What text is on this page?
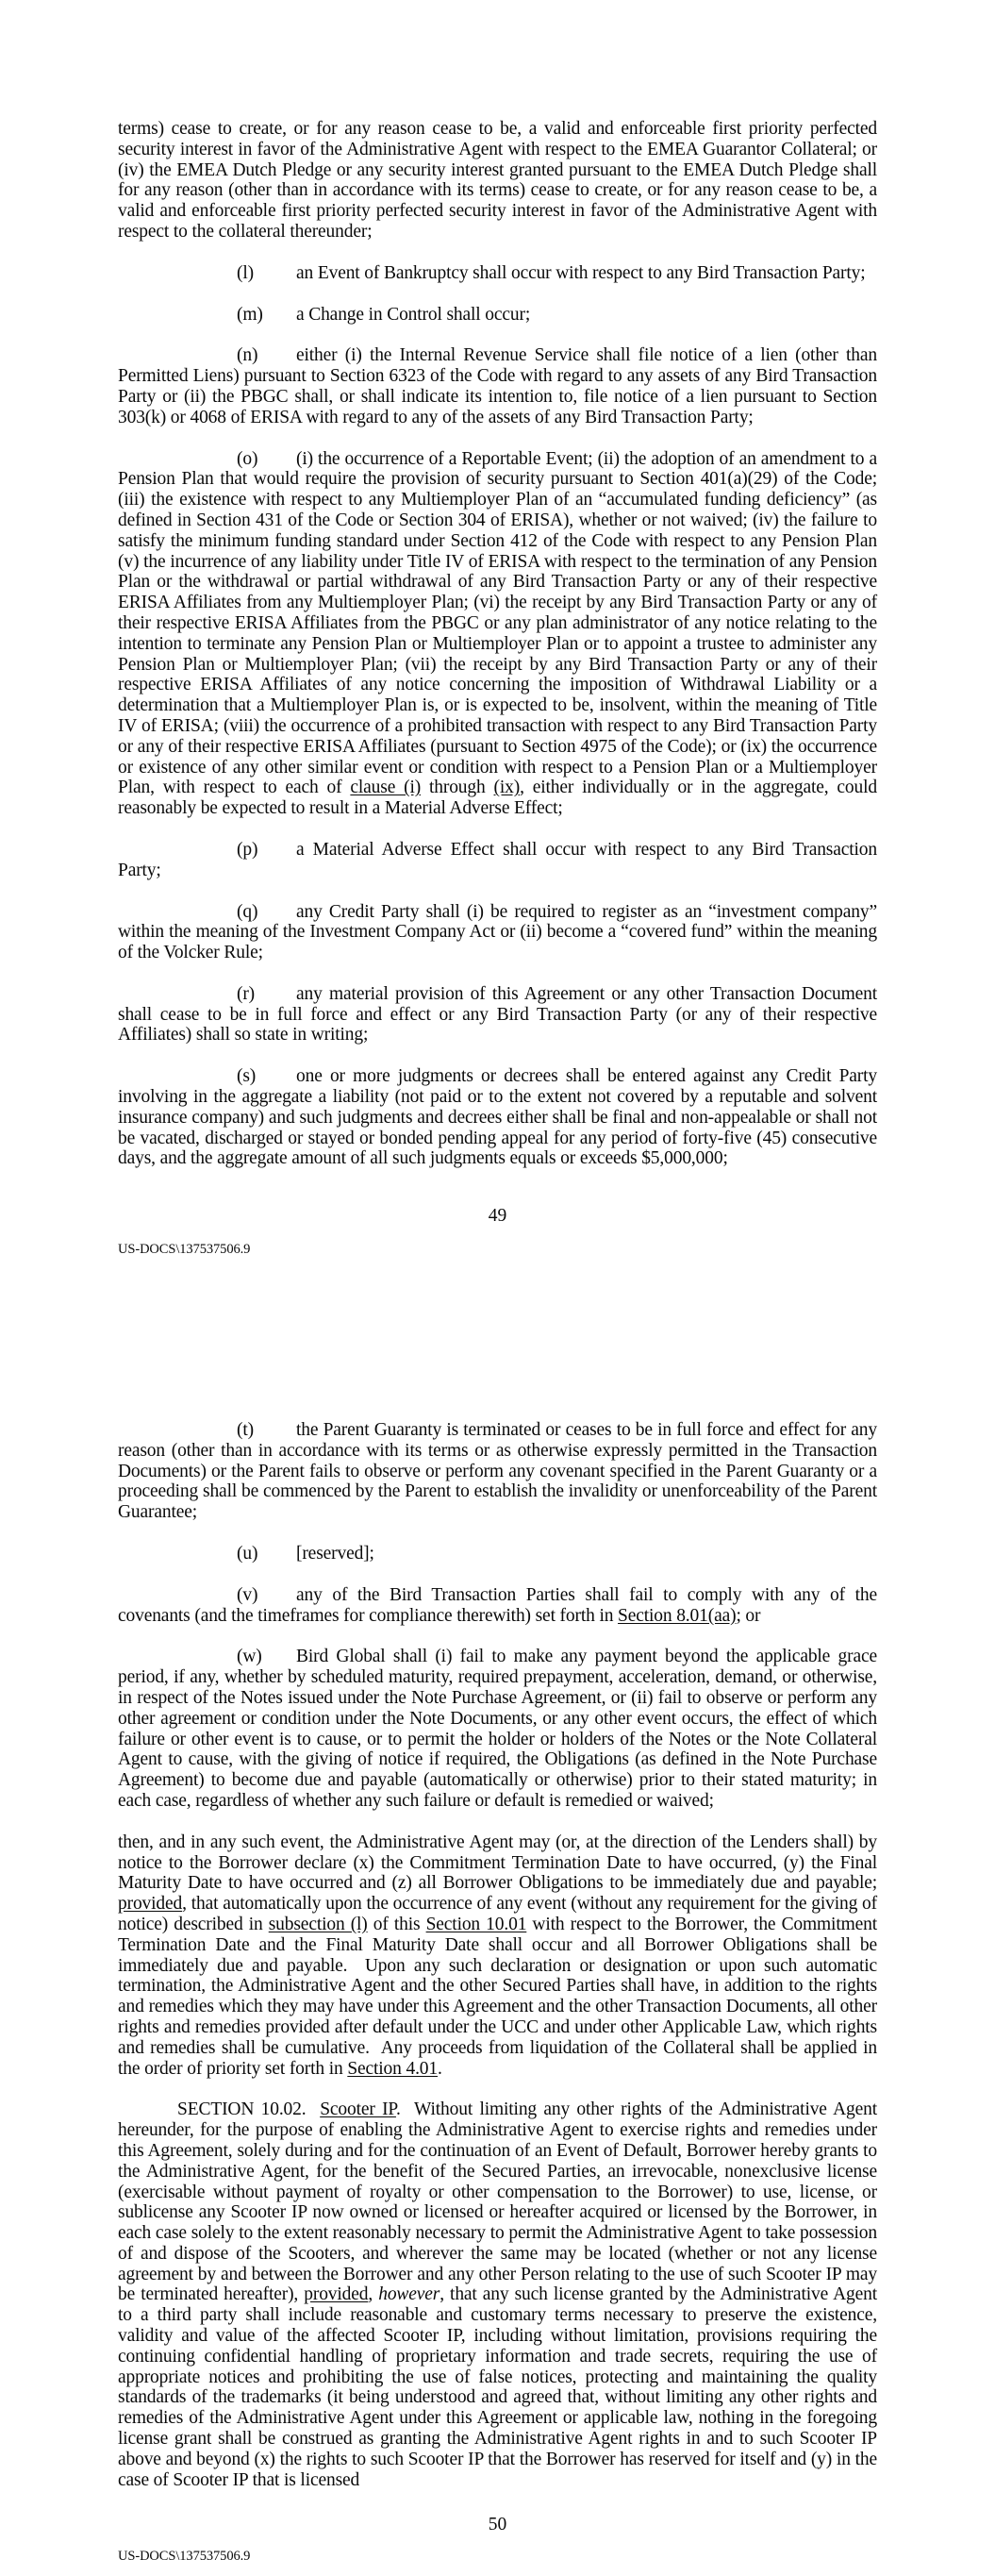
terms) cease to create, or for any reason cease to be, a valid and enforceable first priority perfected security interest in favor of the Administrative Agent with respect to the EMEA Guarantor Collateral; or (iv) the EMEA Dutch Pledge or any security interest granted pursuant to the EMEA Dutch Pledge shall for any reason (other than in accordance with its terms) cease to create, or for any reason cease to be, a valid and enforceable first priority perfected security interest in favor of the Administrative Agent with respect to the collateral thereunder;

(l) an Event of Bankruptcy shall occur with respect to any Bird Transaction Party;

(m) a Change in Control shall occur;

(n) either (i) the Internal Revenue Service shall file notice of a lien (other than Permitted Liens) pursuant to Section 6323 of the Code with regard to any assets of any Bird Transaction Party or (ii) the PBGC shall, or shall indicate its intention to, file notice of a lien pursuant to Section 303(k) or 4068 of ERISA with regard to any of the assets of any Bird Transaction Party;

(o) (i) the occurrence of a Reportable Event; (ii) the adoption of an amendment to a Pension Plan that would require the provision of security pursuant to Section 401(a)(29) of the Code; (iii) the existence with respect to any Multiemployer Plan of an “accumulated funding deficiency” (as defined in Section 431 of the Code or Section 304 of ERISA), whether or not waived; (iv) the failure to satisfy the minimum funding standard under Section 412 of the Code with respect to any Pension Plan (v) the incurrence of any liability under Title IV of ERISA with respect to the termination of any Pension Plan or the withdrawal or partial withdrawal of any Bird Transaction Party or any of their respective ERISA Affiliates from any Multiemployer Plan; (vi) the receipt by any Bird Transaction Party or any of their respective ERISA Affiliates from the PBGC or any plan administrator of any notice relating to the intention to terminate any Pension Plan or Multiemployer Plan or to appoint a trustee to administer any Pension Plan or Multiemployer Plan; (vii) the receipt by any Bird Transaction Party or any of their respective ERISA Affiliates of any notice concerning the imposition of Withdrawal Liability or a determination that a Multiemployer Plan is, or is expected to be, insolvent, within the meaning of Title IV of ERISA; (viii) the occurrence of a prohibited transaction with respect to any Bird Transaction Party or any of their respective ERISA Affiliates (pursuant to Section 4975 of the Code); or (ix) the occurrence or existence of any other similar event or condition with respect to a Pension Plan or a Multiemployer Plan, with respect to each of clause (i) through (ix), either individually or in the aggregate, could reasonably be expected to result in a Material Adverse Effect;

(p) a Material Adverse Effect shall occur with respect to any Bird Transaction Party;

(q) any Credit Party shall (i) be required to register as an “investment company” within the meaning of the Investment Company Act or (ii) become a “covered fund” within the meaning of the Volcker Rule;

(r) any material provision of this Agreement or any other Transaction Document shall cease to be in full force and effect or any Bird Transaction Party (or any of their respective Affiliates) shall so state in writing;

(s) one or more judgments or decrees shall be entered against any Credit Party involving in the aggregate a liability (not paid or to the extent not covered by a reputable and solvent insurance company) and such judgments and decrees either shall be final and non-appealable or shall not be vacated, discharged or stayed or bonded pending appeal for any period of forty-five (45) consecutive days, and the aggregate amount of all such judgments equals or exceeds $5,000,000;

49
US-DOCS\137537506.9

(t) the Parent Guaranty is terminated or ceases to be in full force and effect for any reason (other than in accordance with its terms or as otherwise expressly permitted in the Transaction Documents) or the Parent fails to observe or perform any covenant specified in the Parent Guaranty or a proceeding shall be commenced by the Parent to establish the invalidity or unenforceability of the Parent Guarantee;

(u) [reserved];

(v) any of the Bird Transaction Parties shall fail to comply with any of the covenants (and the timeframes for compliance therewith) set forth in Section 8.01(aa); or

(w) Bird Global shall (i) fail to make any payment beyond the applicable grace period, if any, whether by scheduled maturity, required prepayment, acceleration, demand, or otherwise, in respect of the Notes issued under the Note Purchase Agreement, or (ii) fail to observe or perform any other agreement or condition under the Note Documents, or any other event occurs, the effect of which failure or other event is to cause, or to permit the holder or holders of the Notes or the Note Collateral Agent to cause, with the giving of notice if required, the Obligations (as defined in the Note Purchase Agreement) to become due and payable (automatically or otherwise) prior to their stated maturity; in each case, regardless of whether any such failure or default is remedied or waived;

then, and in any such event, the Administrative Agent may (or, at the direction of the Lenders shall) by notice to the Borrower declare (x) the Commitment Termination Date to have occurred, (y) the Final Maturity Date to have occurred and (z) all Borrower Obligations to be immediately due and payable; provided, that automatically upon the occurrence of any event (without any requirement for the giving of notice) described in subsection (l) of this Section 10.01 with respect to the Borrower, the Commitment Termination Date and the Final Maturity Date shall occur and all Borrower Obligations shall be immediately due and payable.  Upon any such declaration or designation or upon such automatic termination, the Administrative Agent and the other Secured Parties shall have, in addition to the rights and remedies which they may have under this Agreement and the other Transaction Documents, all other rights and remedies provided after default under the UCC and under other Applicable Law, which rights and remedies shall be cumulative.  Any proceeds from liquidation of the Collateral shall be applied in the order of priority set forth in Section 4.01.

SECTION 10.02.  Scooter IP.  Without limiting any other rights of the Administrative Agent hereunder, for the purpose of enabling the Administrative Agent to exercise rights and remedies under this Agreement, solely during and for the continuation of an Event of Default, Borrower hereby grants to the Administrative Agent, for the benefit of the Secured Parties, an irrevocable, nonexclusive license (exercisable without payment of royalty or other compensation to the Borrower) to use, license, or sublicense any Scooter IP now owned or licensed or hereafter acquired or licensed by the Borrower, in each case solely to the extent reasonably necessary to permit the Administrative Agent to take possession of and dispose of the Scooters, and wherever the same may be located (whether or not any license agreement by and between the Borrower and any other Person relating to the use of such Scooter IP may be terminated hereafter), provided, however, that any such license granted by the Administrative Agent to a third party shall include reasonable and customary terms necessary to preserve the existence, validity and value of the affected Scooter IP, including without limitation, provisions requiring the continuing confidential handling of proprietary information and trade secrets, requiring the use of appropriate notices and prohibiting the use of false notices, protecting and maintaining the quality standards of the trademarks (it being understood and agreed that, without limiting any other rights and remedies of the Administrative Agent under this Agreement or applicable law, nothing in the foregoing license grant shall be construed as granting the Administrative Agent rights in and to such Scooter IP above and beyond (x) the rights to such Scooter IP that the Borrower has reserved for itself and (y) in the case of Scooter IP that is licensed

50
US-DOCS\137537506.9
